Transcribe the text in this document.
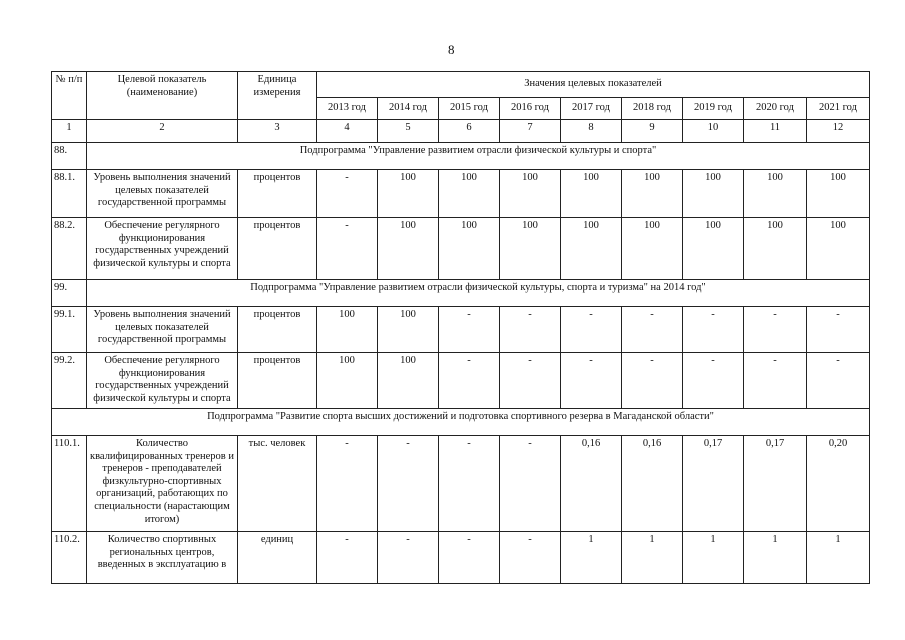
8
№ п/п	Целевой показатель (наименование)	Единица измерения	Значения целевых показателей								
			2013 год	2014 год	2015 год	2016 год	2017 год	2018 год	2019 год	2020 год	2021 год
1	2	3	4	5	6	7	8	9	10	11	12
88.	Подпрограмма "Управление развитием отрасли физической культуры и спорта"										
88.1.	Уровень выполнения значений целевых показателей государственной программы	процентов	-	100	100	100	100	100	100	100	100
88.2.	Обеспечение регулярного функционирования государственных учреждений физической культуры и спорта	процентов	-	100	100	100	100	100	100	100	100
99.	Подпрограмма "Управление развитием отрасли физической культуры, спорта и туризма" на 2014 год"										
99.1.	Уровень выполнения значений целевых показателей государственной программы	процентов	100	100	-	-	-	-	-	-	-
99.2.	Обеспечение регулярного функционирования государственных учреждений физической культуры и спорта	процентов	100	100	-	-	-	-	-	-	-
Подпрограмма "Развитие спорта высших достижений и подготовка спортивного резерва в Магаданской области"											
110.1.	Количество квалифицированных тренеров и тренеров - преподавателей физкультурно-спортивных организаций, работающих по специальности (нарастающим итогом)	тыс. человек	-	-	-	-	0,16	0,16	0,17	0,17	0,20
110.2.	Количество спортивных региональных центров, введенных в эксплуатацию в	единиц	-	-	-	-	1	1	1	1	1
